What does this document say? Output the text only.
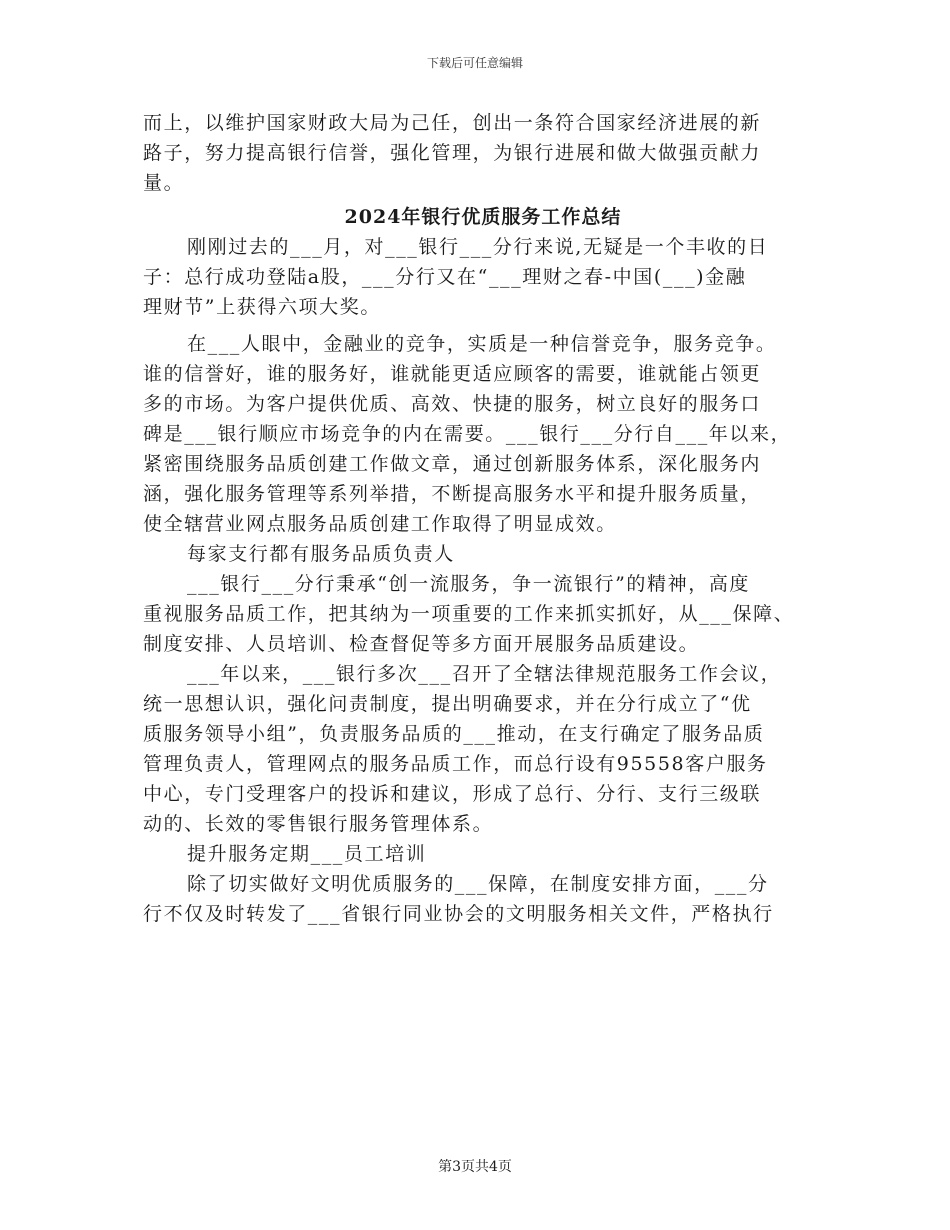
下载后可任意编辑
而上，以维护国家财政大局为己任，创出一条符合国家经济进展的新
路子，努力提高银行信誉，强化管理，为银行进展和做大做强贡献力
量。
2024年银行优质服务工作总结
刚刚过去的___月，对___银行___分行来说,无疑是一个丰收的日
子：总行成功登陆a股，___分行又在“___理财之春-中国(___)金融
理财节”上获得六项大奖。
在___人眼中，金融业的竞争，实质是一种信誉竞争，服务竞争。
谁的信誉好，谁的服务好，谁就能更适应顾客的需要，谁就能占领更
多的市场。为客户提供优质、高效、快捷的服务，树立良好的服务口
碑是___银行顺应市场竞争的内在需要。___银行___分行自___年以来，
紧密围绕服务品质创建工作做文章，通过创新服务体系，深化服务内
涵，强化服务管理等系列举措，不断提高服务水平和提升服务质量，
使全辖营业网点服务品质创建工作取得了明显成效。
每家支行都有服务品质负责人
___银行___分行秉承“创一流服务，争一流银行”的精神，高度
重视服务品质工作，把其纳为一项重要的工作来抓实抓好，从___保障、
制度安排、人员培训、检查督促等多方面开展服务品质建设。
___年以来，___银行多次___召开了全辖法律规范服务工作会议，
统一思想认识，强化问责制度，提出明确要求，并在分行成立了“优
质服务领导小组”，负责服务品质的___推动，在支行确定了服务品质
管理负责人，管理网点的服务品质工作，而总行设有95558客户服务
中心，专门受理客户的投诉和建议，形成了总行、分行、支行三级联
动的、长效的零售银行服务管理体系。
提升服务定期___员工培训
除了切实做好文明优质服务的___保障，在制度安排方面，___分
行不仅及时转发了___省银行同业协会的文明服务相关文件，严格执行
第3页共4页
